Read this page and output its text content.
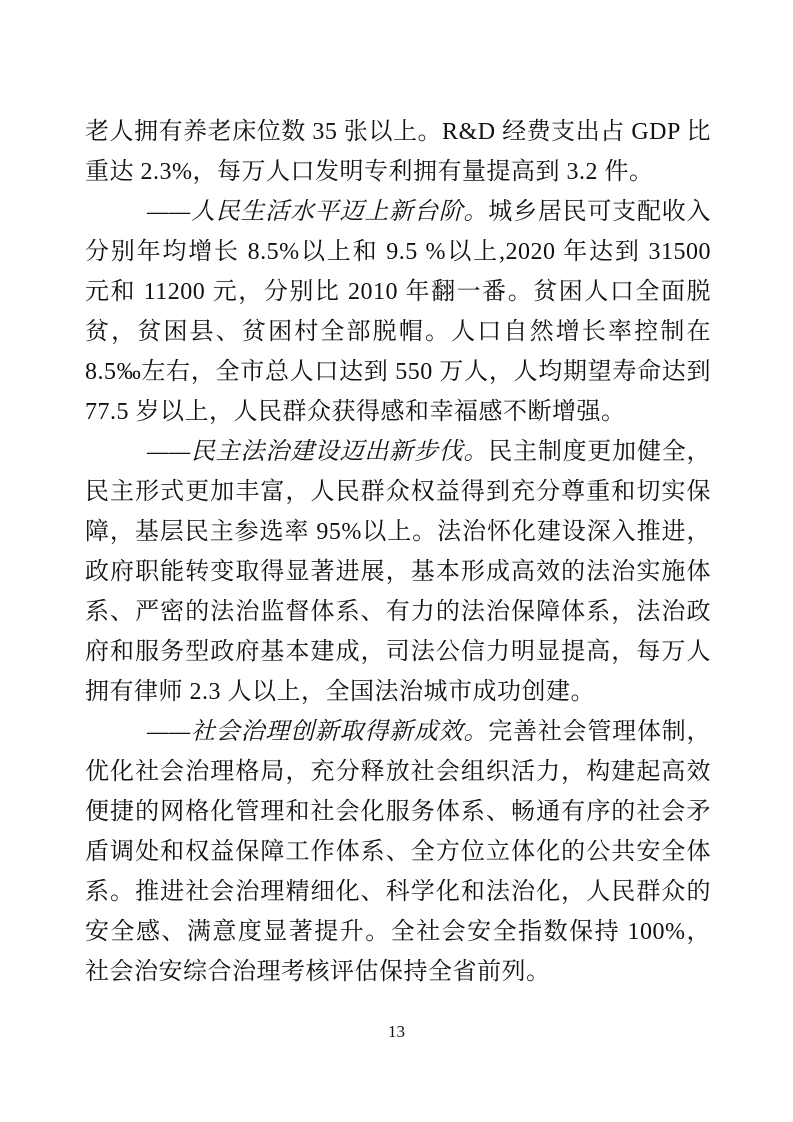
老人拥有养老床位数 35 张以上。R&D 经费支出占 GDP 比重达 2.3%，每万人口发明专利拥有量提高到 3.2 件。

——人民生活水平迈上新台阶。城乡居民可支配收入分别年均增长 8.5%以上和 9.5 %以上,2020 年达到 31500 元和 11200 元，分别比 2010 年翻一番。贫困人口全面脱贫，贫困县、贫困村全部脱帽。人口自然增长率控制在 8.5‰左右，全市总人口达到 550 万人，人均期望寿命达到 77.5 岁以上，人民群众获得感和幸福感不断增强。

——民主法治建设迈出新步伐。民主制度更加健全，民主形式更加丰富，人民群众权益得到充分尊重和切实保障，基层民主参选率 95%以上。法治怀化建设深入推进，政府职能转变取得显著进展，基本形成高效的法治实施体系、严密的法治监督体系、有力的法治保障体系，法治政府和服务型政府基本建成，司法公信力明显提高，每万人拥有律师 2.3 人以上，全国法治城市成功创建。

——社会治理创新取得新成效。完善社会管理体制，优化社会治理格局，充分释放社会组织活力，构建起高效便捷的网格化管理和社会化服务体系、畅通有序的社会矛盾调处和权益保障工作体系、全方位立体化的公共安全体系。推进社会治理精细化、科学化和法治化，人民群众的安全感、满意度显著提升。全社会安全指数保持 100%，社会治安综合治理考核评估保持全省前列。

13
